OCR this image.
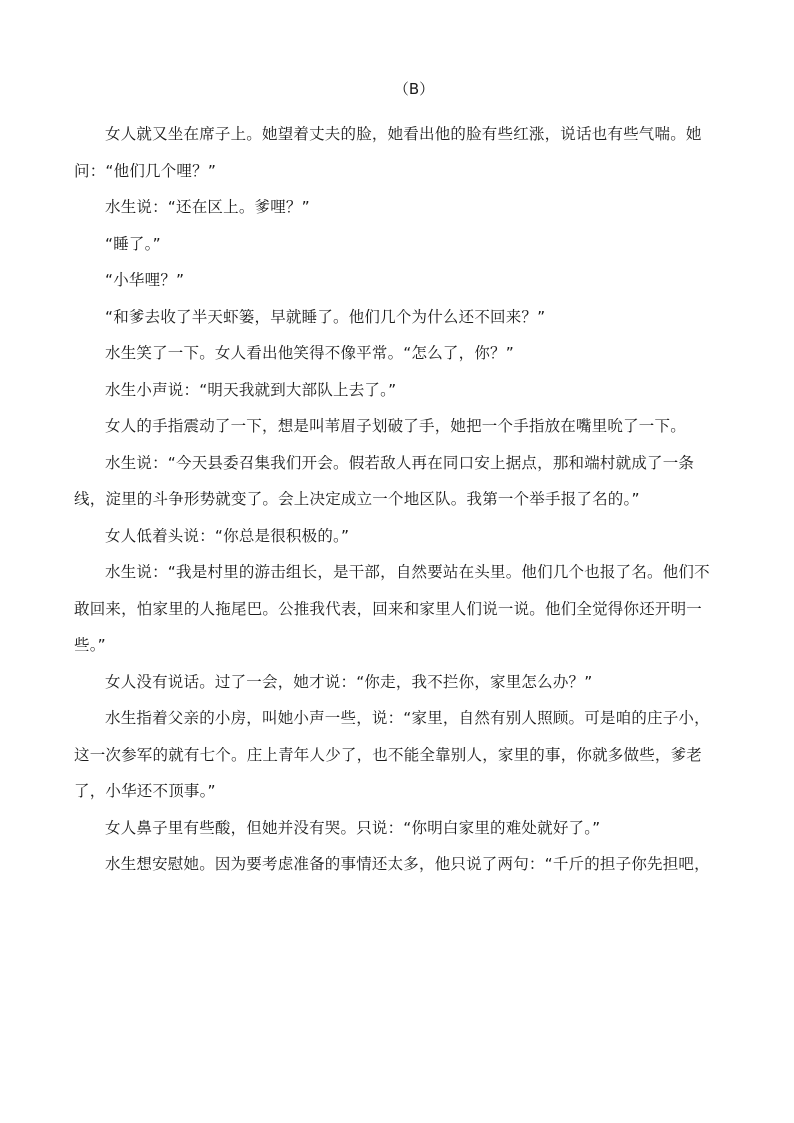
（B）

女人就又坐在席子上。她望着丈夫的脸，她看出他的脸有些红涨，说话也有些气喘。她问：“他们几个哩？”

水生说：“还在区上。爹哩？”

“睡了。”

“小华哩？”

“和爹去收了半天虾篓，早就睡了。他们几个为什么还不回来？”

水生笑了一下。女人看出他笑得不像平常。“怎么了，你？”

水生小声说：“明天我就到大部队上去了。”

女人的手指震动了一下，想是叫苇眉子划破了手，她把一个手指放在嘴里吮了一下。

水生说：“今天县委召集我们开会。假若敌人再在同口安上据点，那和端村就成了一条线，淀里的斗争形势就变了。会上决定成立一个地区队。我第一个举手报了名的。”

女人低着头说：“你总是很积极的。”

水生说：“我是村里的游击组长，是干部，自然要站在头里。他们几个也报了名。他们不敢回来，怕家里的人拖尾巴。公推我代表，回来和家里人们说一说。他们全觉得你还开明一些。”

女人没有说话。过了一会，她才说：“你走，我不拦你，家里怎么办？”

水生指着父亲的小房，叫她小声一些，说：“家里，自然有别人照顾。可是咱的庄子小，这一次参军的就有七个。庄上青年人少了，也不能全靠别人，家里的事，你就多做些，爹老了，小华还不顶事。”

女人鼻子里有些酸，但她并没有哭。只说：“你明白家里的难处就好了。”

水生想安慰她。因为要考虑准备的事情还太多，他只说了两句：“千斤的担子你先担吧，
